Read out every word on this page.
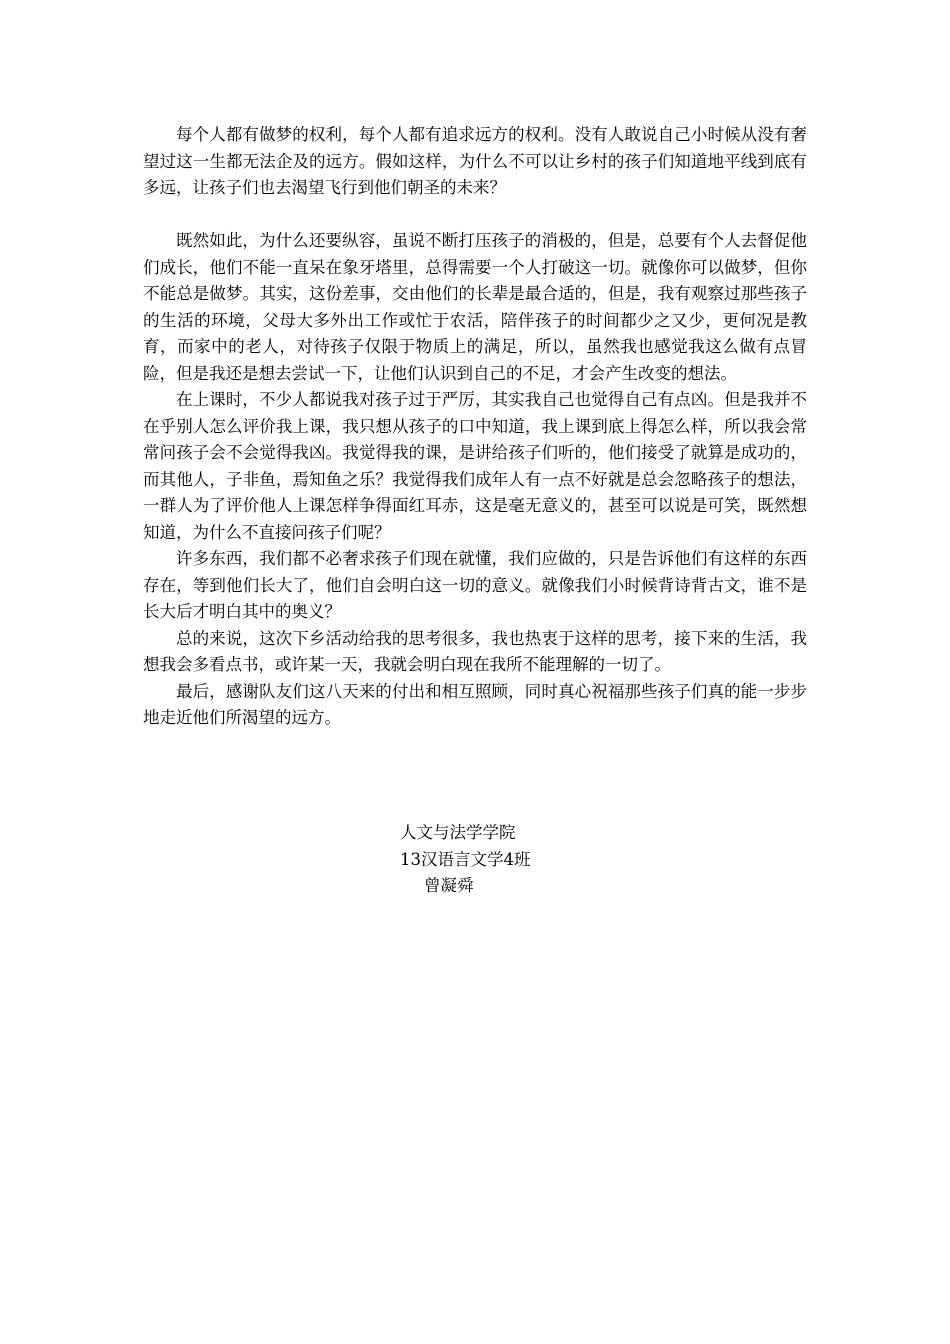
每个人都有做梦的权利，每个人都有追求远方的权利。没有人敢说自己小时候从没有奢望过这一生都无法企及的远方。假如这样，为什么不可以让乡村的孩子们知道地平线到底有多远，让孩子们也去渴望飞行到他们朝圣的未来？

既然如此，为什么还要纵容，虽说不断打压孩子的消极的，但是，总要有个人去督促他们成长，他们不能一直呆在象牙塔里，总得需要一个人打破这一切。就像你可以做梦，但你不能总是做梦。其实，这份差事，交由他们的长辈是最合适的，但是，我有观察过那些孩子的生活的环境，父母大多外出工作或忙于农活，陪伴孩子的时间都少之又少，更何况是教育，而家中的老人，对待孩子仅限于物质上的满足，所以，虽然我也感觉我这么做有点冒险，但是我还是想去尝试一下，让他们认识到自己的不足，才会产生改变的想法。

在上课时，不少人都说我对孩子过于严厉，其实我自己也觉得自己有点凶。但是我并不在乎别人怎么评价我上课，我只想从孩子的口中知道，我上课到底上得怎么样，所以我会常常问孩子会不会觉得我凶。我觉得我的课，是讲给孩子们听的，他们接受了就算是成功的，而其他人，子非鱼，焉知鱼之乐？我觉得我们成年人有一点不好就是总会忽略孩子的想法，一群人为了评价他人上课怎样争得面红耳赤，这是毫无意义的，甚至可以说是可笑，既然想知道，为什么不直接问孩子们呢？

许多东西，我们都不必奢求孩子们现在就懂，我们应做的，只是告诉他们有这样的东西存在，等到他们长大了，他们自会明白这一切的意义。就像我们小时候背诗背古文，谁不是长大后才明白其中的奥义？

总的来说，这次下乡活动给我的思考很多，我也热衷于这样的思考，接下来的生活，我想我会多看点书，或许某一天，我就会明白现在我所不能理解的一切了。

最后，感谢队友们这八天来的付出和相互照顾，同时真心祝福那些孩子们真的能一步步地走近他们所渴望的远方。

人文与法学学院
13汉语言文学4班
曾凝舜
